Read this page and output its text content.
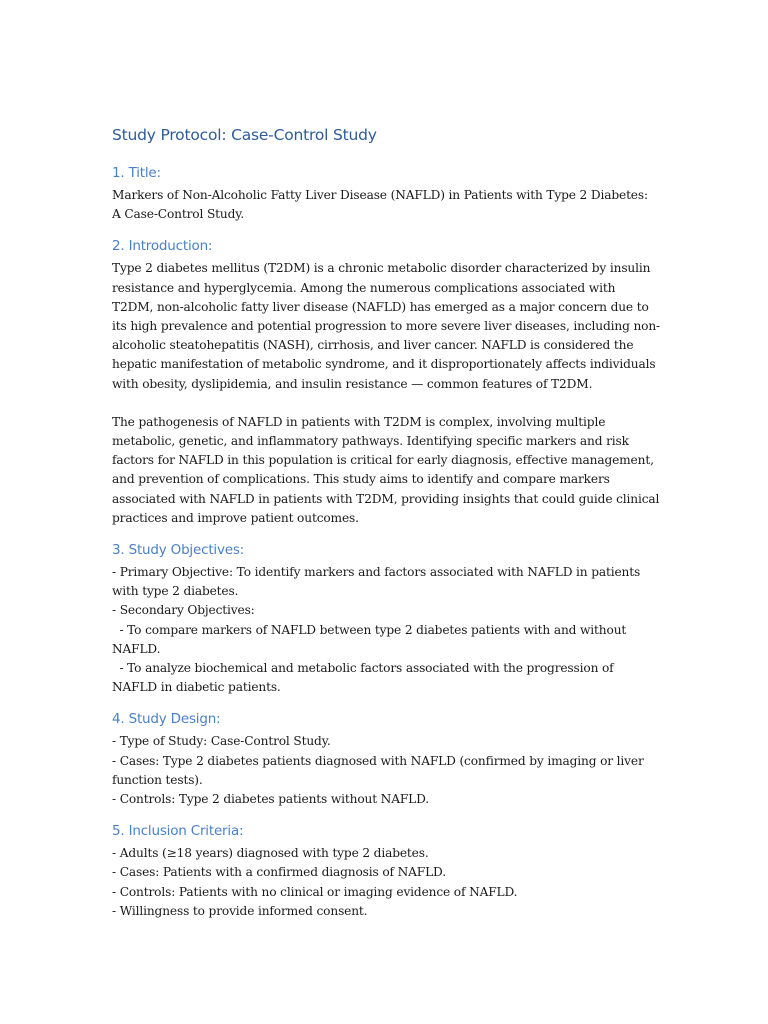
Study Protocol: Case-Control Study
1. Title:

Markers of Non-Alcoholic Fatty Liver Disease (NAFLD) in Patients with Type 2 Diabetes: A Case-Control Study.

2. Introduction:

Type 2 diabetes mellitus (T2DM) is a chronic metabolic disorder characterized by insulin resistance and hyperglycemia. Among the numerous complications associated with T2DM, non-alcoholic fatty liver disease (NAFLD) has emerged as a major concern due to its high prevalence and potential progression to more severe liver diseases, including non-alcoholic steatohepatitis (NASH), cirrhosis, and liver cancer. NAFLD is considered the hepatic manifestation of metabolic syndrome, and it disproportionately affects individuals with obesity, dyslipidemia, and insulin resistance — common features of T2DM.

The pathogenesis of NAFLD in patients with T2DM is complex, involving multiple metabolic, genetic, and inflammatory pathways. Identifying specific markers and risk factors for NAFLD in this population is critical for early diagnosis, effective management, and prevention of complications. This study aims to identify and compare markers associated with NAFLD in patients with T2DM, providing insights that could guide clinical practices and improve patient outcomes.

3. Study Objectives:
- Primary Objective: To identify markers and factors associated with NAFLD in patients with type 2 diabetes.
- Secondary Objectives:
- To compare markers of NAFLD between type 2 diabetes patients with and without NAFLD.
- To analyze biochemical and metabolic factors associated with the progression of NAFLD in diabetic patients.
4. Study Design:
- Type of Study: Case-Control Study.
- Cases: Type 2 diabetes patients diagnosed with NAFLD (confirmed by imaging or liver function tests).
- Controls: Type 2 diabetes patients without NAFLD.
5. Inclusion Criteria:
- Adults (≥18 years) diagnosed with type 2 diabetes.
- Cases: Patients with a confirmed diagnosis of NAFLD.
- Controls: Patients with no clinical or imaging evidence of NAFLD.
- Willingness to provide informed consent.
